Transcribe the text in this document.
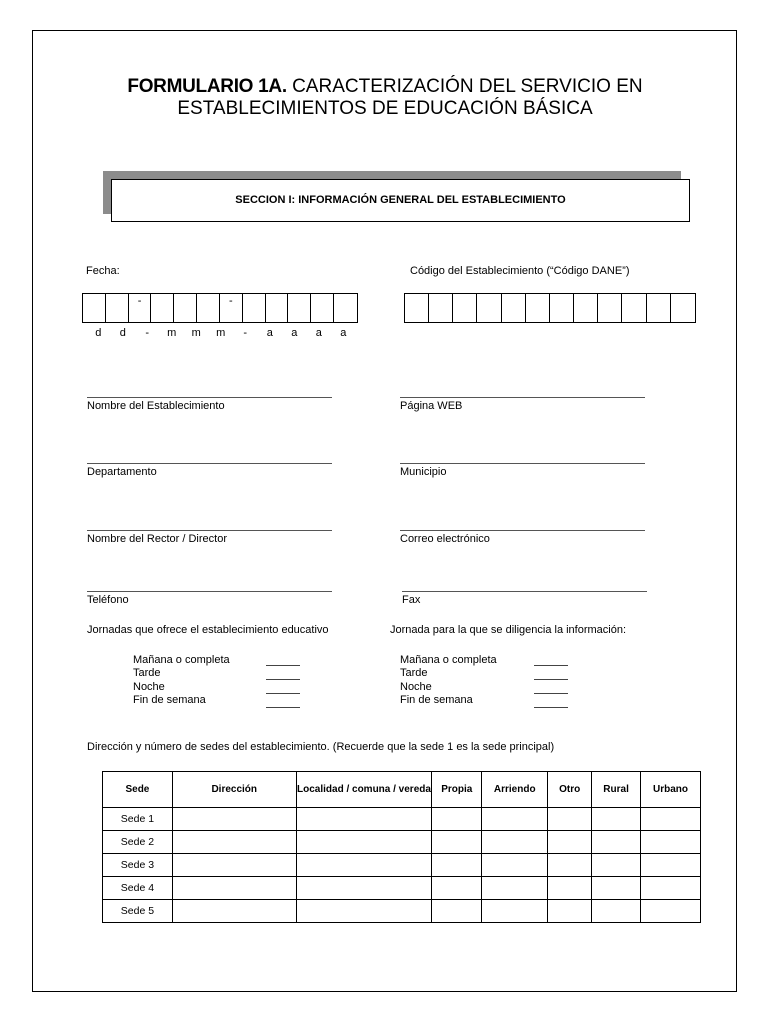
FORMULARIO 1A. CARACTERIZACIÓN DEL SERVICIO EN
ESTABLECIMIENTOS DE EDUCACIÓN BÁSICA
SECCION I: INFORMACIÓN GENERAL DEL ESTABLECIMIENTO
Fecha:
-	-
d	d	-	m	m	m	-	a	a	a	a
Código del Establecimiento (“Código DANE”)
Nombre del Establecimiento	Página WEB
Departamento	Municipio
Nombre del Rector / Director	Correo electrónico
Teléfono	Fax
Jornadas que ofrece el establecimiento educativo	Jornada para la que se diligencia la información:
Mañana o completa
Tarde
Noche
Fin de semana
Mañana o completa
Tarde
Noche
Fin de semana
Dirección y número de sedes del establecimiento. (Recuerde que la sede 1 es la sede principal)
Sede	Dirección	Localidad / comuna / vereda	Propia	Arriendo	Otro	Rural	Urbano
Sede 1							
Sede 2							
Sede 3							
Sede 4							
Sede 5							
